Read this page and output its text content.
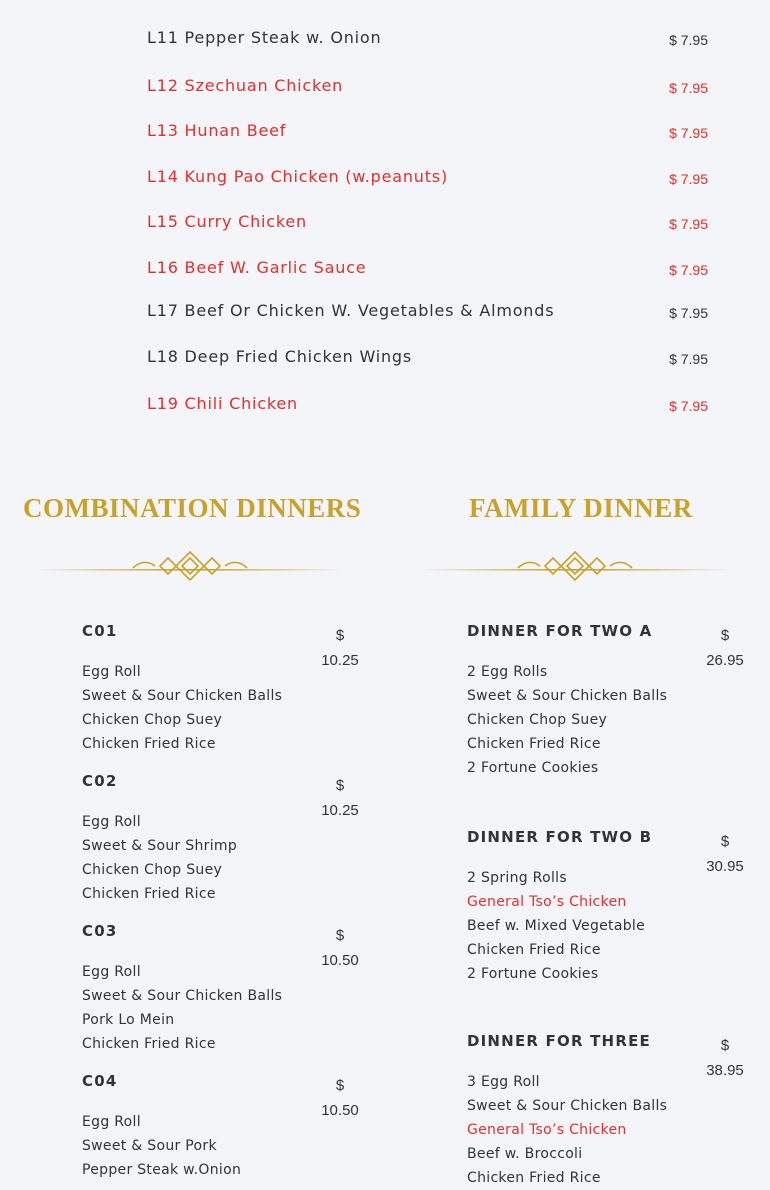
L11 Pepper Steak w. Onion	$ 7.95
L12 Szechuan Chicken	$ 7.95
L13 Hunan Beef	$ 7.95
L14 Kung Pao Chicken (w.peanuts)	$ 7.95
L15 Curry Chicken	$ 7.95
L16 Beef W. Garlic Sauce	$ 7.95
L17 Beef Or Chicken W. Vegetables & Almonds	$ 7.95
L18 Deep Fried Chicken Wings	$ 7.95
L19 Chili Chicken	$ 7.95
COMBINATION DINNERS	FAMILY DINNER
C01
Egg Roll
Sweet & Sour Chicken Balls
Chicken Chop Suey
Chicken Fried Rice
$
10.25
C02
Egg Roll
Sweet & Sour Shrimp
Chicken Chop Suey
Chicken Fried Rice
$
10.25
C03
Egg Roll
Sweet & Sour Chicken Balls
Pork Lo Mein
Chicken Fried Rice
$
10.50
C04
Egg Roll
Sweet & Sour Pork
Pepper Steak w.Onion
$
10.50
DINNER FOR TWO A
2 Egg Rolls
Sweet & Sour Chicken Balls
Chicken Chop Suey
Chicken Fried Rice
2 Fortune Cookies
$
26.95
DINNER FOR TWO B
2 Spring Rolls
General Tso’s Chicken
Beef w. Mixed Vegetable
Chicken Fried Rice
2 Fortune Cookies
$
30.95
DINNER FOR THREE
3 Egg Roll
Sweet & Sour Chicken Balls
General Tso’s Chicken
Beef w. Broccoli
Chicken Fried Rice
$
38.95
